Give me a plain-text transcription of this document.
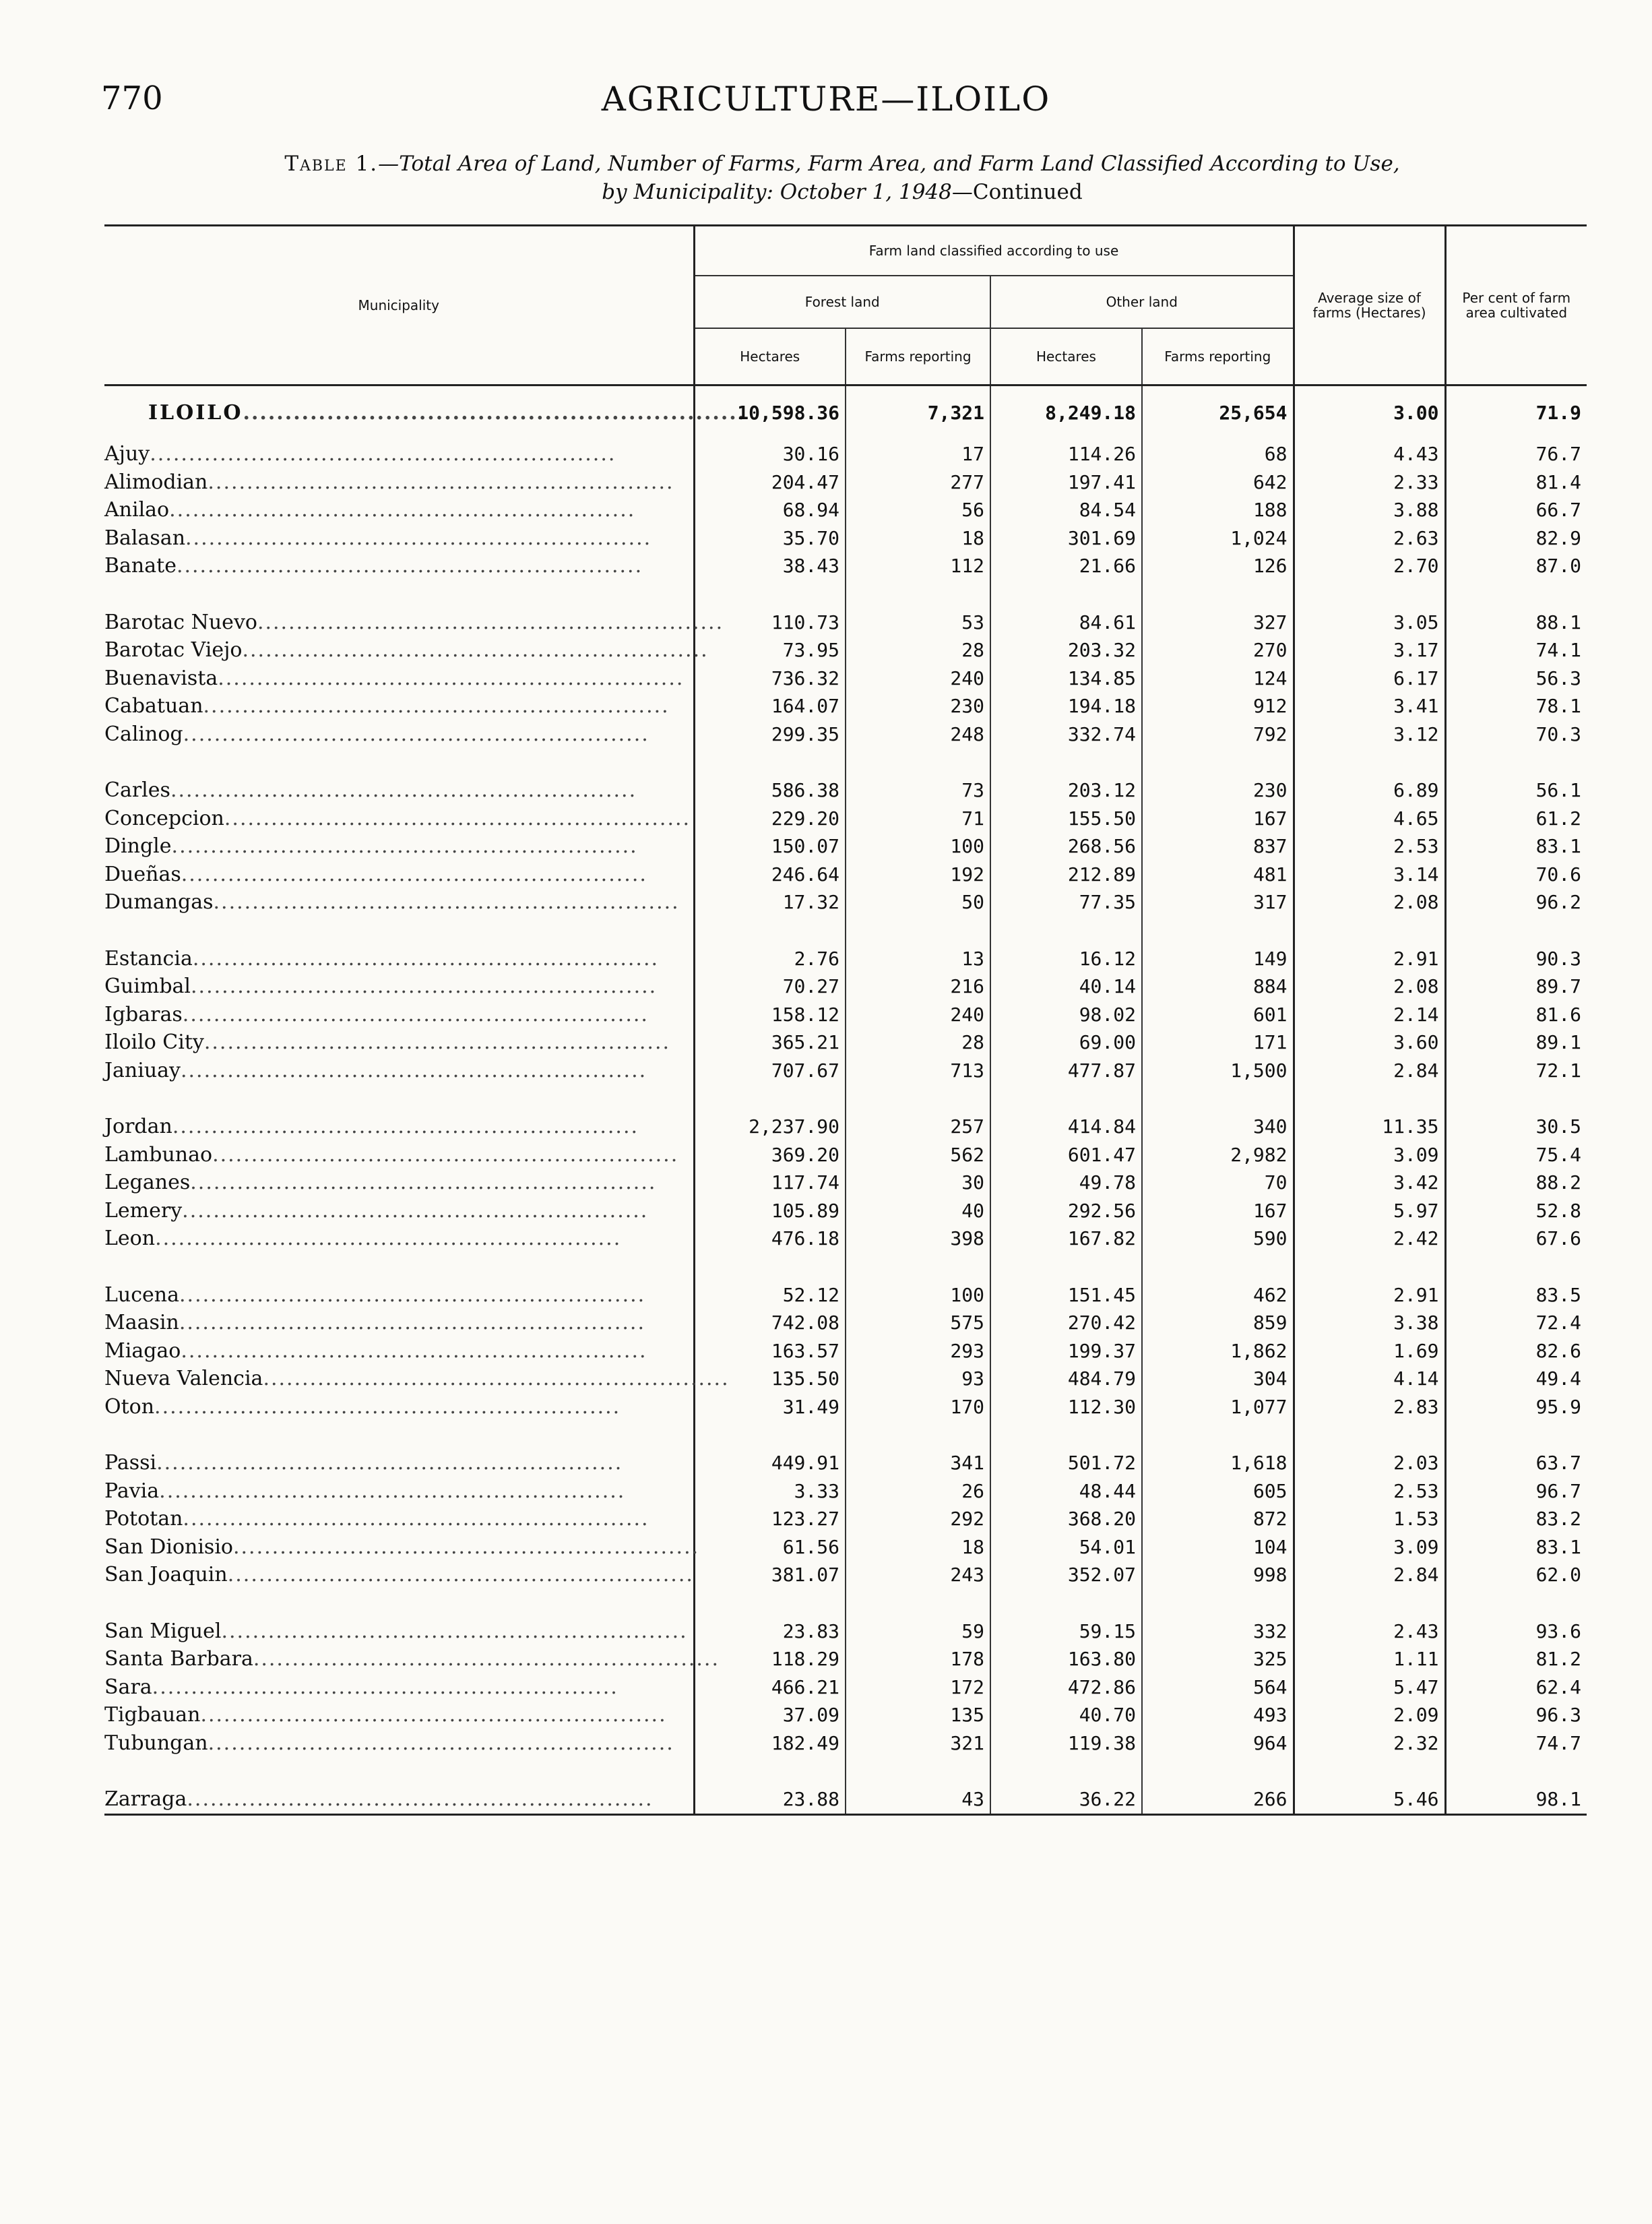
770	AGRICULTURE—ILOILO
Table 1.—Total Area of Land, Number of Farms, Farm Area, and Farm Land Classified According to Use,
by Municipality: October 1, 1948—Continued
Municipality	Farm land classified according to use				Average size of farms (Hectares)	Per cent of farm area cultivated
	Forest land		Other land			
	Hectares	Farms reporting	Hectares	Farms reporting		
ILOILO............................................................	10,598.36	7,321	8,249.18	25,654	3.00	71.9
Ajuy............................................................	30.16	17	114.26	68	4.43	76.7
Alimodian............................................................	204.47	277	197.41	642	2.33	81.4
Anilao............................................................	68.94	56	84.54	188	3.88	66.7
Balasan............................................................	35.70	18	301.69	1,024	2.63	82.9
Banate............................................................	38.43	112	21.66	126	2.70	87.0

Barotac Nuevo............................................................	110.73	53	84.61	327	3.05	88.1
Barotac Viejo............................................................	73.95	28	203.32	270	3.17	74.1
Buenavista............................................................	736.32	240	134.85	124	6.17	56.3
Cabatuan............................................................	164.07	230	194.18	912	3.41	78.1
Calinog............................................................	299.35	248	332.74	792	3.12	70.3

Carles............................................................	586.38	73	203.12	230	6.89	56.1
Concepcion............................................................	229.20	71	155.50	167	4.65	61.2
Dingle............................................................	150.07	100	268.56	837	2.53	83.1
Dueñas............................................................	246.64	192	212.89	481	3.14	70.6
Dumangas............................................................	17.32	50	77.35	317	2.08	96.2

Estancia............................................................	2.76	13	16.12	149	2.91	90.3
Guimbal............................................................	70.27	216	40.14	884	2.08	89.7
Igbaras............................................................	158.12	240	98.02	601	2.14	81.6
Iloilo City............................................................	365.21	28	69.00	171	3.60	89.1
Janiuay............................................................	707.67	713	477.87	1,500	2.84	72.1

Jordan............................................................	2,237.90	257	414.84	340	11.35	30.5
Lambunao............................................................	369.20	562	601.47	2,982	3.09	75.4
Leganes............................................................	117.74	30	49.78	70	3.42	88.2
Lemery............................................................	105.89	40	292.56	167	5.97	52.8
Leon............................................................	476.18	398	167.82	590	2.42	67.6

Lucena............................................................	52.12	100	151.45	462	2.91	83.5
Maasin............................................................	742.08	575	270.42	859	3.38	72.4
Miagao............................................................	163.57	293	199.37	1,862	1.69	82.6
Nueva Valencia............................................................	135.50	93	484.79	304	4.14	49.4
Oton............................................................	31.49	170	112.30	1,077	2.83	95.9

Passi............................................................	449.91	341	501.72	1,618	2.03	63.7
Pavia............................................................	3.33	26	48.44	605	2.53	96.7
Pototan............................................................	123.27	292	368.20	872	1.53	83.2
San Dionisio............................................................	61.56	18	54.01	104	3.09	83.1
San Joaquin............................................................	381.07	243	352.07	998	2.84	62.0

San Miguel............................................................	23.83	59	59.15	332	2.43	93.6
Santa Barbara............................................................	118.29	178	163.80	325	1.11	81.2
Sara............................................................	466.21	172	472.86	564	5.47	62.4
Tigbauan............................................................	37.09	135	40.70	493	2.09	96.3
Tubungan............................................................	182.49	321	119.38	964	2.32	74.7

Zarraga............................................................	23.88	43	36.22	266	5.46	98.1
